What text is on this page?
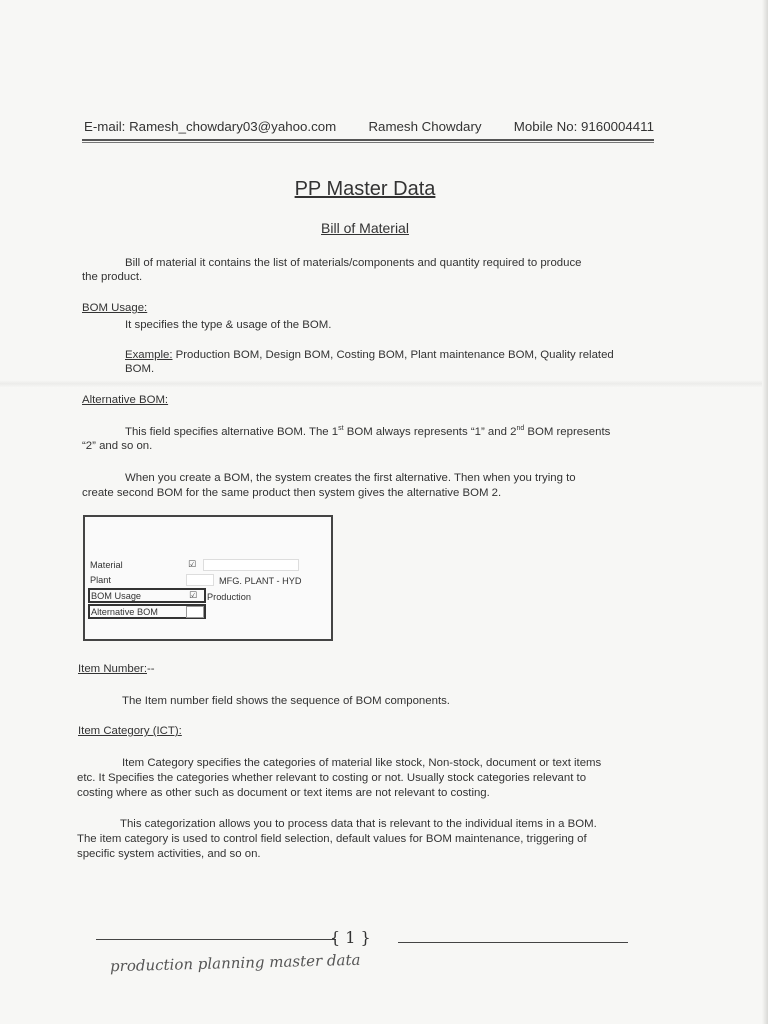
E-mail: Ramesh_chowdary03@yahoo.com Ramesh Chowdary Mobile No: 9160004411
PP Master Data
Bill of Material
Bill of material it contains the list of materials/components and quantity required to produce
the product.
BOM Usage:
It specifies the type & usage of the BOM.
Example: Production BOM, Design BOM, Costing BOM, Plant maintenance BOM, Quality related
BOM.
Alternative BOM:
This field specifies alternative BOM. The 1st BOM always represents “1” and 2nd BOM represents
“2” and so on.
When you create a BOM, the system creates the first alternative. Then when you trying to
create second BOM for the same product then system gives the alternative BOM 2.
Material	☑
Plant	MFG. PLANT - HYD
BOM Usage	☑ Production
Alternative BOM
Item Number:--
The Item number field shows the sequence of BOM components.
Item Category (ICT):
Item Category specifies the categories of material like stock, Non-stock, document or text items
etc. It Specifies the categories whether relevant to costing or not. Usually stock categories relevant to
costing where as other such as document or text items are not relevant to costing.
This categorization allows you to process data that is relevant to the individual items in a BOM.
The item category is used to control field selection, default values for BOM maintenance, triggering of
specific system activities, and so on.
{ 1 }
production planning master data
